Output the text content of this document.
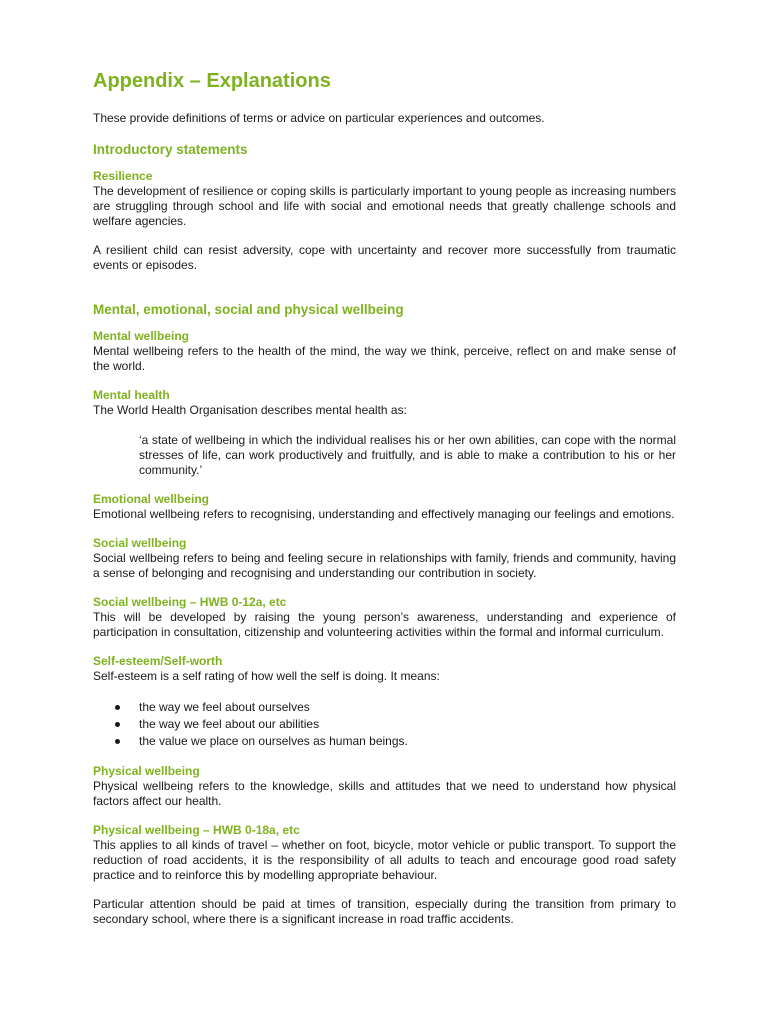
Appendix – Explanations

These provide definitions of terms or advice on particular experiences and outcomes.

Introductory statements
Resilience

The development of resilience or coping skills is particularly important to young people as increasing numbers are struggling through school and life with social and emotional needs that greatly challenge schools and welfare agencies.

A resilient child can resist adversity, cope with uncertainty and recover more successfully from traumatic events or episodes.

Mental, emotional, social and physical wellbeing
Mental wellbeing

Mental wellbeing refers to the health of the mind, the way we think, perceive, reflect on and make sense of the world.

Mental health

The World Health Organisation describes mental health as:

‘a state of wellbeing in which the individual realises his or her own abilities, can cope with the normal stresses of life, can work productively and fruitfully, and is able to make a contribution to his or her community.’

Emotional wellbeing

Emotional wellbeing refers to recognising, understanding and effectively managing our feelings and emotions.

Social wellbeing

Social wellbeing refers to being and feeling secure in relationships with family, friends and community, having a sense of belonging and recognising and understanding our contribution in society.

Social wellbeing – HWB 0-12a, etc

This will be developed by raising the young person’s awareness, understanding and experience of participation in consultation, citizenship and volunteering activities within the formal and informal curriculum.

Self-esteem/Self-worth

Self-esteem is a self rating of how well the self is doing. It means:

the way we feel about ourselves
the way we feel about our abilities
the value we place on ourselves as human beings.
Physical wellbeing

Physical wellbeing refers to the knowledge, skills and attitudes that we need to understand how physical factors affect our health.

Physical wellbeing – HWB 0-18a, etc

This applies to all kinds of travel – whether on foot, bicycle, motor vehicle or public transport. To support the reduction of road accidents, it is the responsibility of all adults to teach and encourage good road safety practice and to reinforce this by modelling appropriate behaviour.

Particular attention should be paid at times of transition, especially during the transition from primary to secondary school, where there is a significant increase in road traffic accidents.
